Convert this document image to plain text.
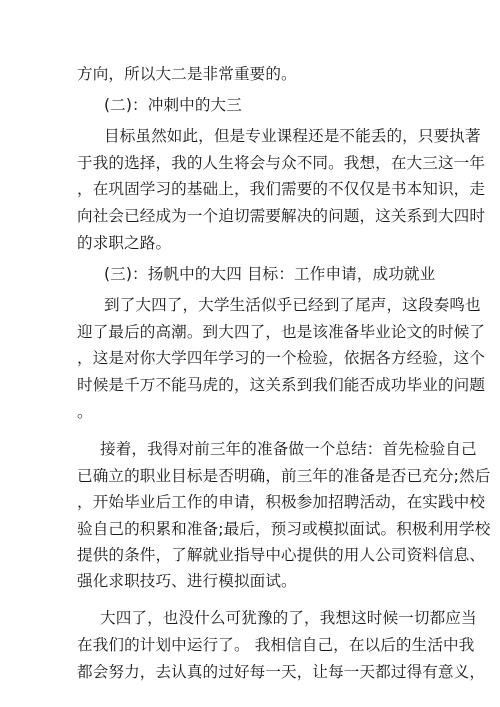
方向，所以大二是非常重要的。
(二)：冲刺中的大三
目标虽然如此，但是专业课程还是不能丢的，只要执著
于我的选择，我的人生将会与众不同。我想，在大三这一年
，在巩固学习的基础上，我们需要的不仅仅是书本知识，走
向社会已经成为一个迫切需要解决的问题，这关系到大四时
的求职之路。
(三)：扬帆中的大四 目标：工作申请，成功就业
到了大四了，大学生活似乎已经到了尾声，这段奏鸣也
迎了最后的高潮。到大四了，也是该准备毕业论文的时候了
，这是对你大学四年学习的一个检验，依据各方经验，这个
时候是千万不能马虎的，这关系到我们能否成功毕业的问题
。
接着，我得对前三年的准备做一个总结：首先检验自己
已确立的职业目标是否明确，前三年的准备是否已充分;然后
，开始毕业后工作的申请，积极参加招聘活动，在实践中校
验自己的积累和准备;最后，预习或模拟面试。积极利用学校
提供的条件，了解就业指导中心提供的用人公司资料信息、
强化求职技巧、进行模拟面试。
大四了，也没什么可犹豫的了，我想这时候一切都应当
在我们的计划中运行了。 我相信自己，在以后的生活中我
都会努力，去认真的过好每一天，让每一天都过得有意义，
